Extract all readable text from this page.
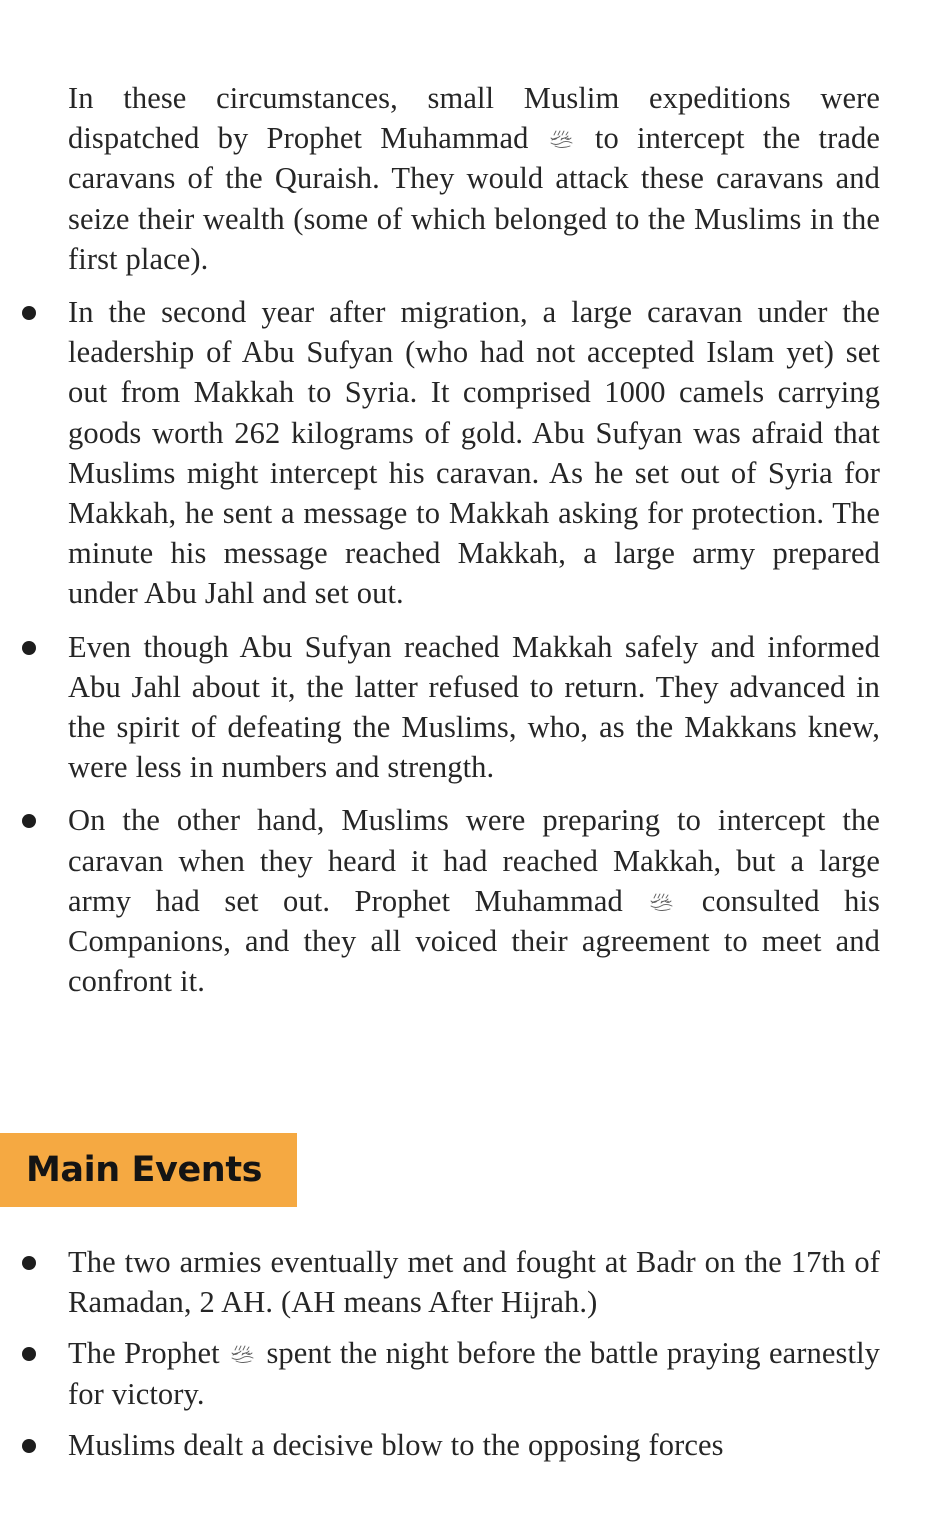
In these circumstances, small Muslim expeditions were dispatched by Prophet Muhammad
to intercept the trade caravans of the Quraish. They would attack these caravans and seize their wealth (some of which belonged to the Muslims in the first place).

In the second year after migration, a large caravan under the leadership of Abu Sufyan (who had not accepted Islam yet) set out from Makkah to Syria. It comprised 1000 camels carrying goods worth 262 kilograms of gold. Abu Sufyan was afraid that Muslims might intercept his caravan. As he set out of Syria for Makkah, he sent a message to Makkah asking for protection. The minute his message reached Makkah, a large army prepared under Abu Jahl and set out.

Even though Abu Sufyan reached Makkah safely and informed Abu Jahl about it, the latter refused to return. They advanced in the spirit of defeating the Muslims, who, as the Makkans knew, were less in numbers and strength.

On the other hand, Muslims were preparing to intercept the caravan when they heard it had reached Makkah, but a large army had set out. Prophet Muhammad
consulted his Companions, and they all voiced their agreement to meet and confront it.

Main Events

The two armies eventually met and fought at Badr on the 17th of Ramadan, 2 AH. (AH means After Hijrah.)

The Prophet
spent the night before the battle praying earnestly for victory.

Muslims dealt a decisive blow to the opposing forces
